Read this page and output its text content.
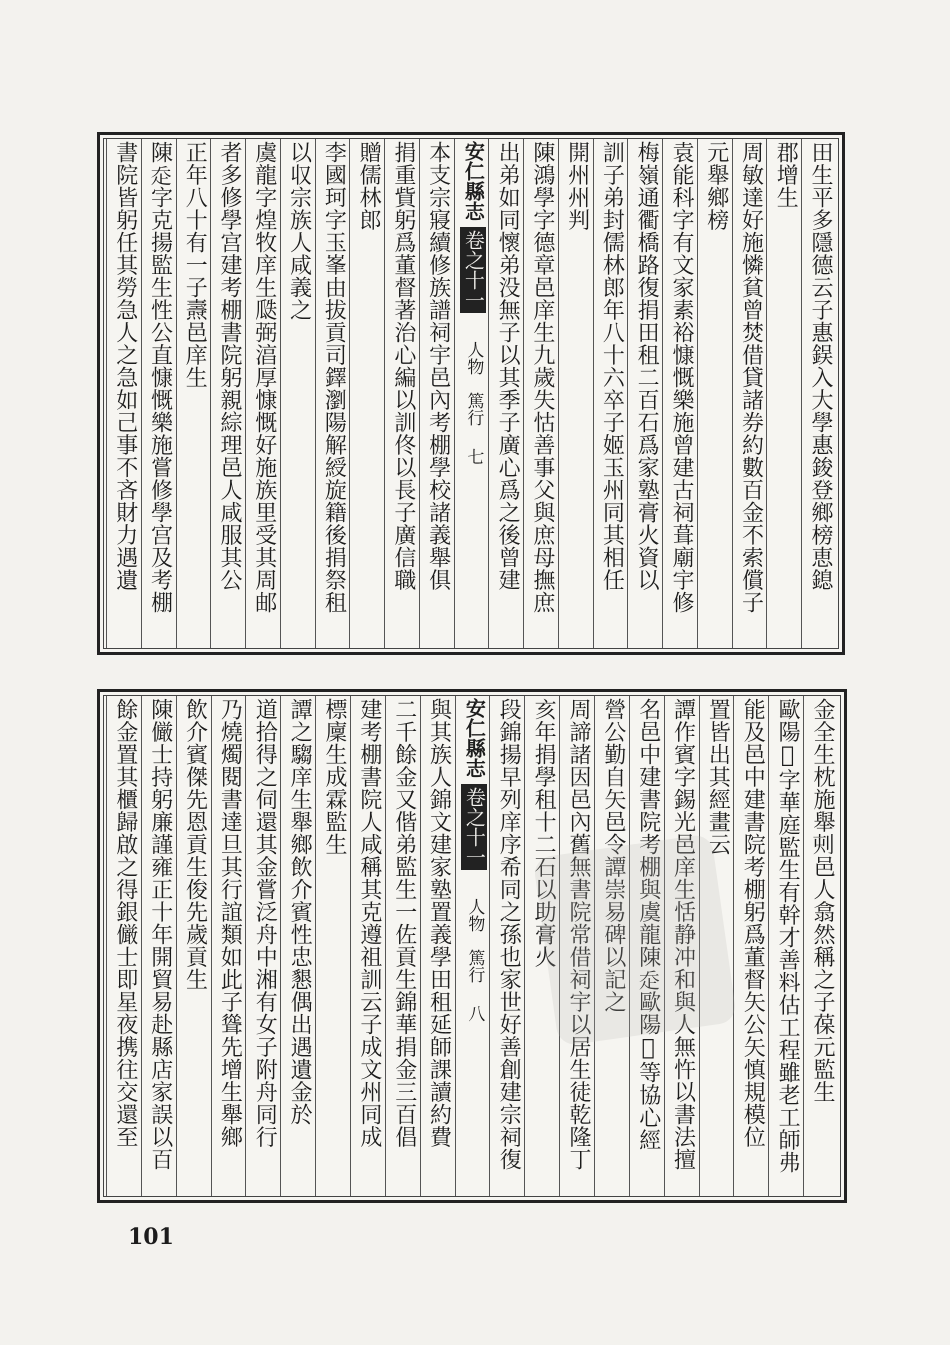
田生平多隱德云子惠鋘入大學惠鋑登鄉榜恵鎴
郡增生
周敏達好施憐貧曾焚借貸諸券約數百金不索償子
元舉鄉榜
袁能科字有文家素裕慷慨樂施曾建古祠葺廟宇修
梅嶺通衢橋路復捐田租二百石爲家塾膏火資以
訓子弟封儒林郎年八十六卒子姬玉州同其相任
開州州判
陳鴻學字德章邑庠生九歲失怙善事父與庶母撫庶
出弟如同懷弟没無子以其季子廣心爲之後曾建
安仁縣志卷之十一人物　篤行七
本支宗寢續修族譜祠宇邑內考棚學校諸義舉俱
捐重貲躬爲董督著治心編以訓佟以長子廣信職
贈儒林郎
李國珂字玉峯由拔貢司鐸瀏陽解綬旋籍後捐祭租
以収宗族人咸義之
虞龍字煌牧庠生瓞弼湻厚慷慨好施族里受其周邮
者多修學宫建考棚書院躬親綜理邑人咸服其公
正年八十有一子燾邑庠生
陳𧺆字克揚監生性公直慷慨樂施嘗修學宫及考棚
書院皆躬任其勞急人之急如己事不吝財力遇遺
金全生枕施舉𠜇邑人翕然稱之子葆元監生
歐陽𤍰字華庭監生有幹才善料估工程雖老工師弗
能及邑中建書院考棚躬爲董督矢公矢慎規模位
置皆出其經畫云
譚作賓字錫光邑庠生恬静冲和與人無忤以書法擅
名邑中建書院考棚與虞龍陳𧺆歐陽𤍰等協心經
營公勤自矢邑令譚崇易碑以記之
周諦諸因邑內舊無書院常借祠宇以居生徒乾隆丁
亥年捐學租十二石以助膏火
段錦揚早列庠序希同之孫也家世好善創建宗祠復
安仁縣志卷之十一人物　篤行八
與其族人錦文建家塾置義學田租延師課讀約費
二千餘金又偕弟監生一佐貢生錦華捐金三百倡
建考棚書院人咸稱其克遵祖訓云子成文州同成
標廩生成霖監生
譚之騶庠生舉鄉飲介賓性忠懇偶出遇遺金於
道拾得之伺還其金嘗泛舟中湘有女子附舟同行
乃燒燭閱書達旦其行誼類如此子聳先增生舉鄉
飲介賓傑先恩貢生俊先歲貢生
陳𠑊士持躬廉謹雍正十年開貿易赴縣店家誤以百
餘金置其櫃歸啟之得銀𠑊士即星夜携往交還至
101
